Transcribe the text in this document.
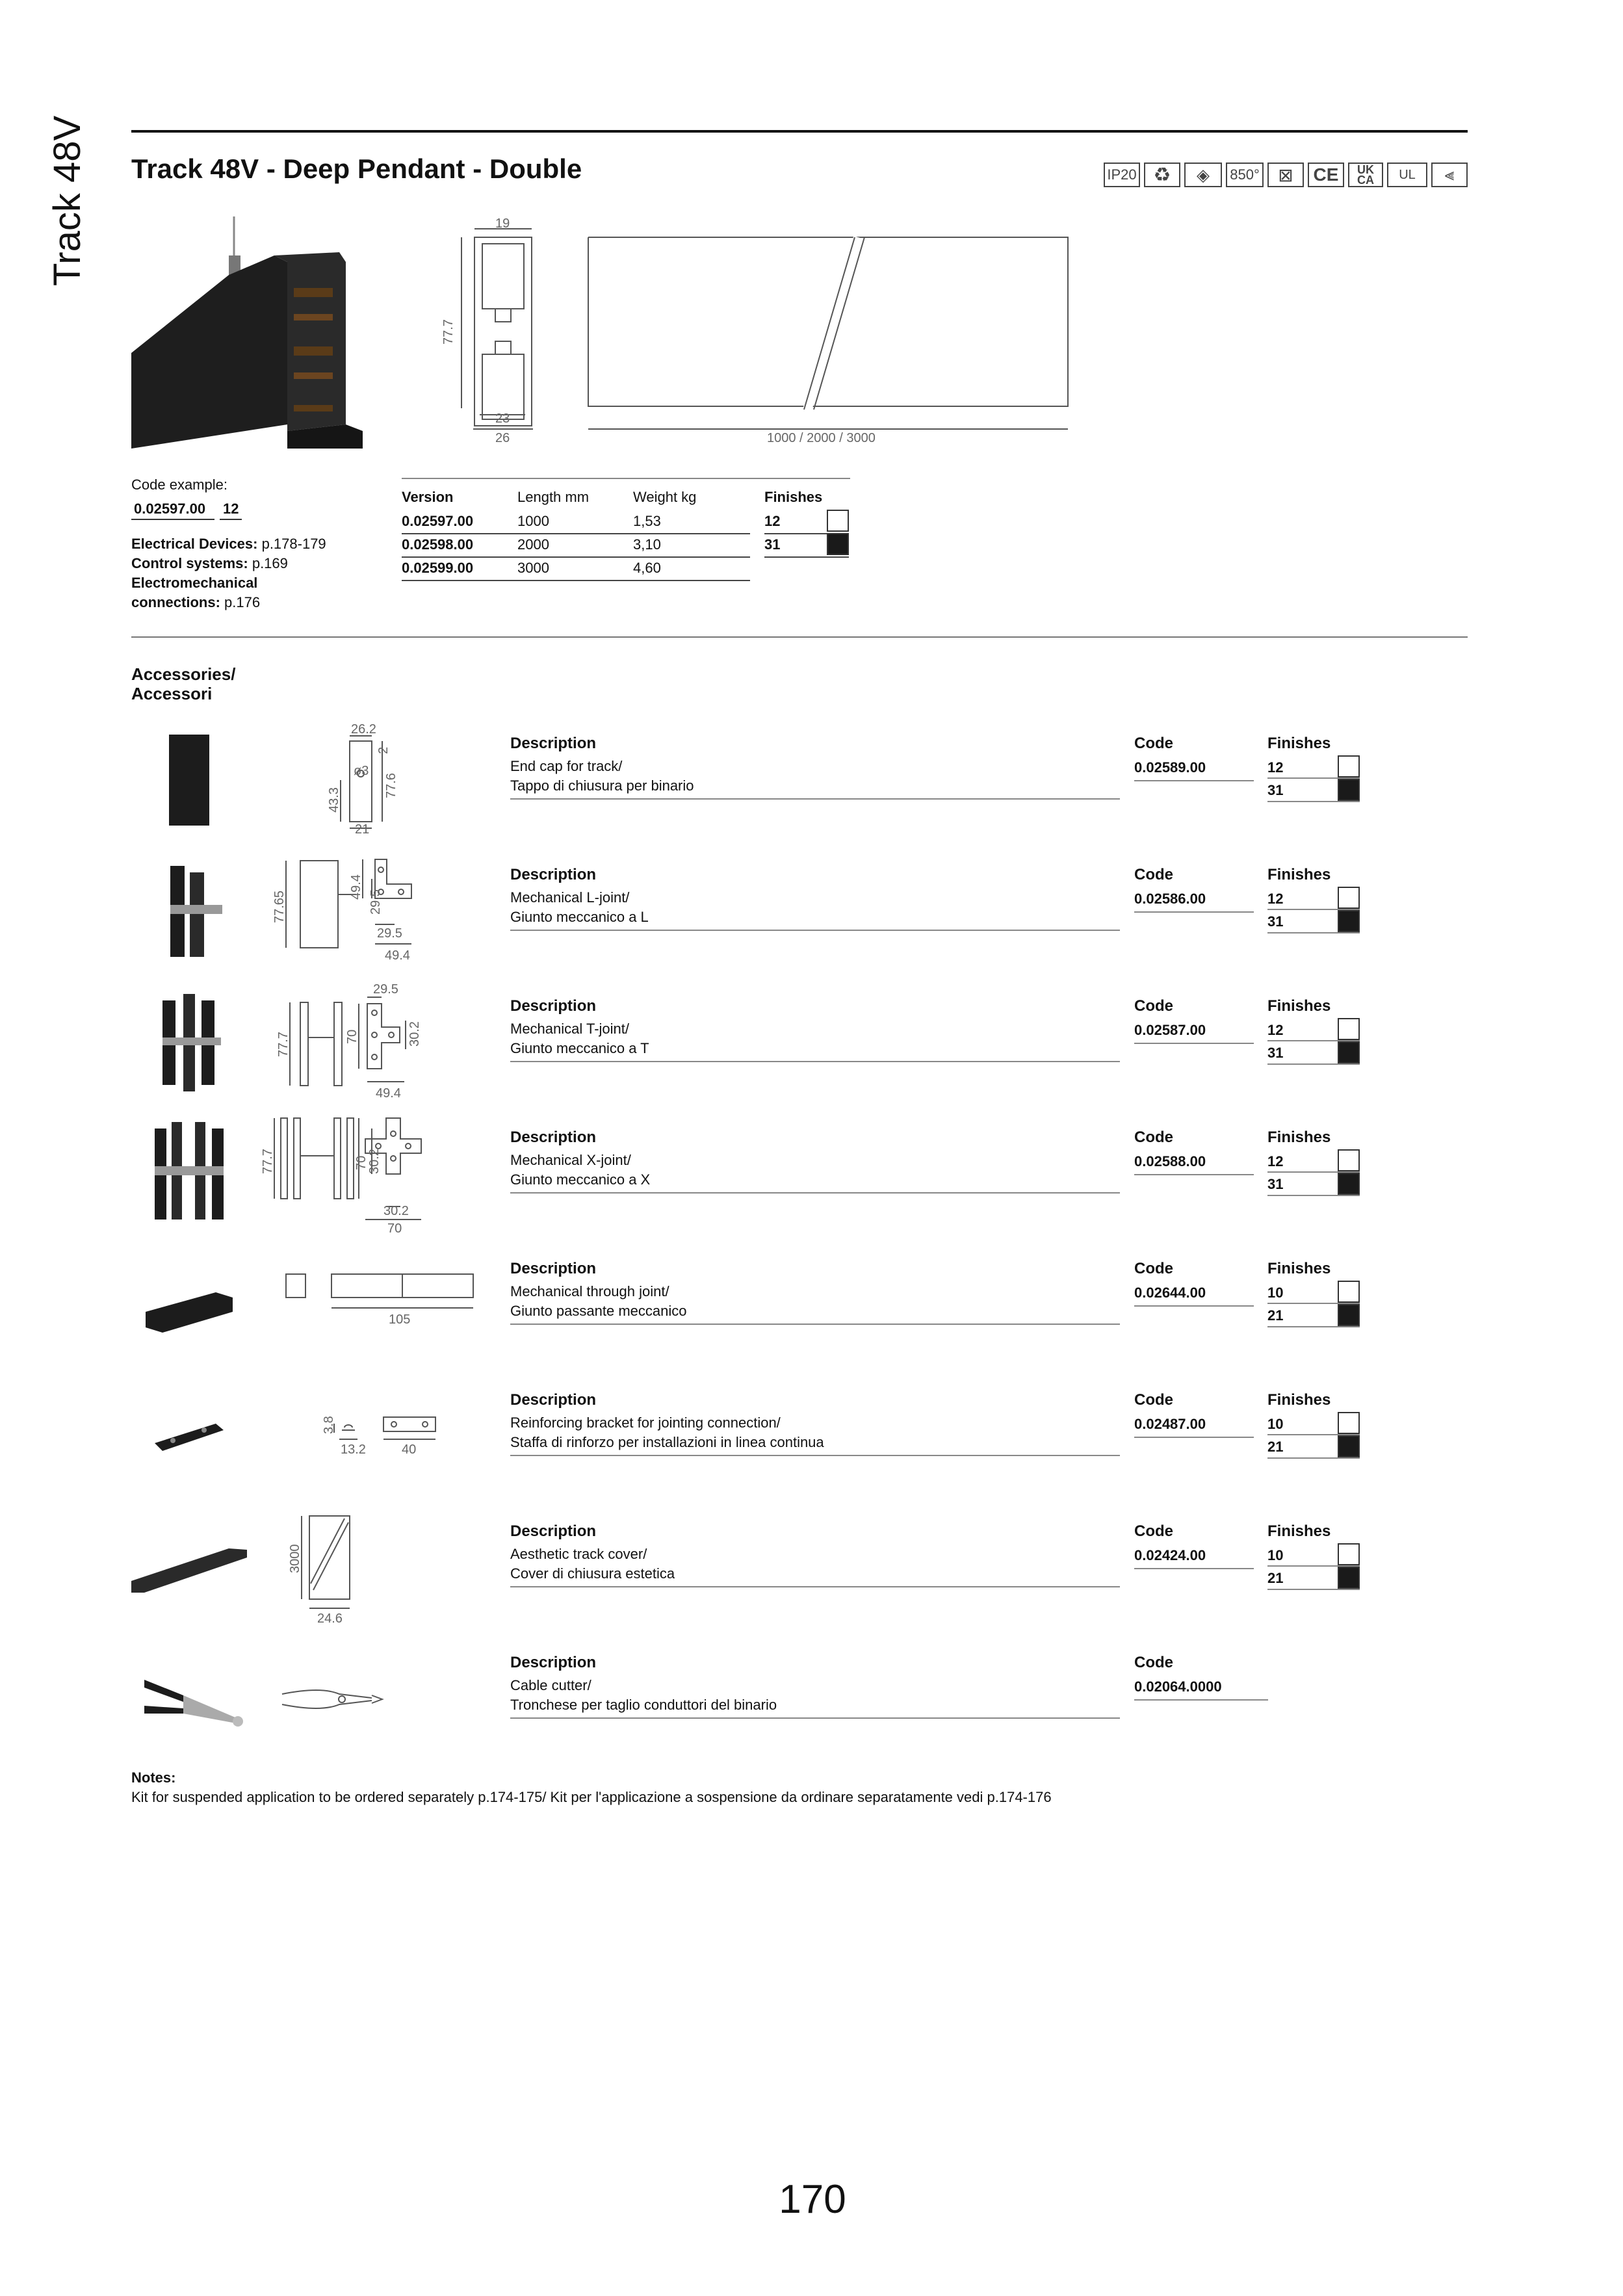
Track 48V	Track 48V - Deep Pendant - Double	IP20 ♻	◈	850°	⊠	CE	UK
CA	UL	⫷
19
77.7
23
26	1000 / 2000 / 3000
Code example:
0.02597.00 12
Electrical Devices: p.178-179
Control systems: p.169
Electromechanical
connections: p.176
Version	Length mm	Weight kg	Finishes
0.02597.00	1000	1,53
0.02598.00	2000	3,10
0.02599.00	3000	4,60
12
31
Accessories/
Accessori
26.2
2
ø3
43.3
77.6
21
Description
End cap for track/
Tappo di chiusura per binario
Code
0.02589.00
Finishes
12
31
77.65
49.4
29.5
29.5
49.4
Description
Mechanical L-joint/
Giunto meccanico a L
Code
0.02586.00
Finishes
12
31
77.7
29.5
70	30.2
49.4
Description
Mechanical T-joint/
Giunto meccanico a T
Code
0.02587.00
Finishes
12
31
77.7	70
30.2
30.2
70
Description
Mechanical X-joint/
Giunto meccanico a X
Code
0.02588.00
Finishes
12
31
105
Description
Mechanical through joint/
Giunto passante meccanico
Code
0.02644.00
Finishes
10
21
3.8
13.2	40
Description
Reinforcing bracket for jointing connection/
Staffa di rinforzo per installazioni in linea continua
Code
0.02487.00
Finishes
10
21
3000
24.6
Description
Aesthetic track cover/
Cover di chiusura estetica
Code
0.02424.00
Finishes
10
21
Description
Cable cutter/
Tronchese per taglio conduttori del binario
Code
0.02064.0000
Notes:
Kit for suspended application to be ordered separately p.174-175/ Kit per l'applicazione a sospensione da ordinare separatamente vedi p.174-176
170
